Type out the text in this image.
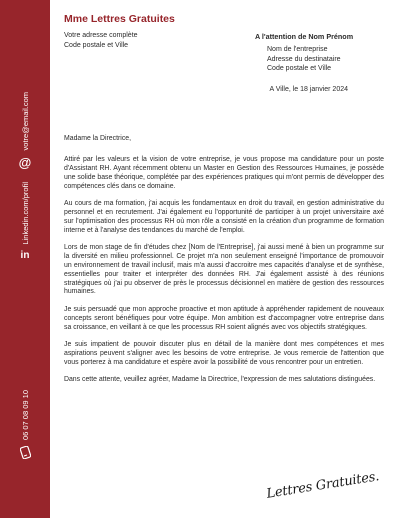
votre@email.com
@
Linkedin.com/profil
in
06 07 08 09 10
Mme Lettres Gratuites
Votre adresse complète
Code postale et Ville
A l'attention de Nom Prénom
Nom de l'entreprise
Adresse du destinataire
Code postale et Ville
A Ville, le 18 janvier 2024

Madame la Directrice,

Attiré par les valeurs et la vision de votre entreprise, je vous propose ma candidature pour un poste d'Assistant RH. Ayant récemment obtenu un Master en Gestion des Ressources Humaines, je possède une solide base théorique, complétée par des expériences pratiques qui m'ont permis de développer des compétences clés dans ce domaine.

Au cours de ma formation, j'ai acquis les fondamentaux en droit du travail, en gestion administrative du personnel et en recrutement. J'ai également eu l'opportunité de participer à un projet universitaire axé sur l'optimisation des processus RH où mon rôle a consisté en la création d'un programme de formation interne et à l'analyse des tendances du marché de l'emploi.

Lors de mon stage de fin d'études chez [Nom de l'Entreprise], j'ai aussi mené à bien un programme sur la diversité en milieu professionnel. Ce projet m'a non seulement enseigné l'importance de promouvoir un environnement de travail inclusif, mais m'a aussi d'accroitre mes capacités d'analyse et de synthèse, essentielles pour traiter et interpréter des données RH. J'ai également assisté à des réunions stratégiques où j'ai pu observer de près le processus décisionnel en matière de gestion des ressources humaines.

Je suis persuadé que mon approche proactive et mon aptitude à appréhender rapidement de nouveaux concepts seront bénéfiques pour votre équipe. Mon ambition est d'accompagner votre entreprise dans sa croissance, en veillant à ce que les processus RH soient alignés avec vos objectifs stratégiques.

Je suis impatient de pouvoir discuter plus en détail de la manière dont mes compétences et mes aspirations peuvent s'aligner avec les besoins de votre entreprise. Je vous remercie de l'attention que vous porterez à ma candidature et espère avoir la possibilité de vous rencontrer pour un entretien.

Dans cette attente, veuillez agréer, Madame la Directrice, l'expression de mes salutations distinguées.

Lettres Gratuites.
